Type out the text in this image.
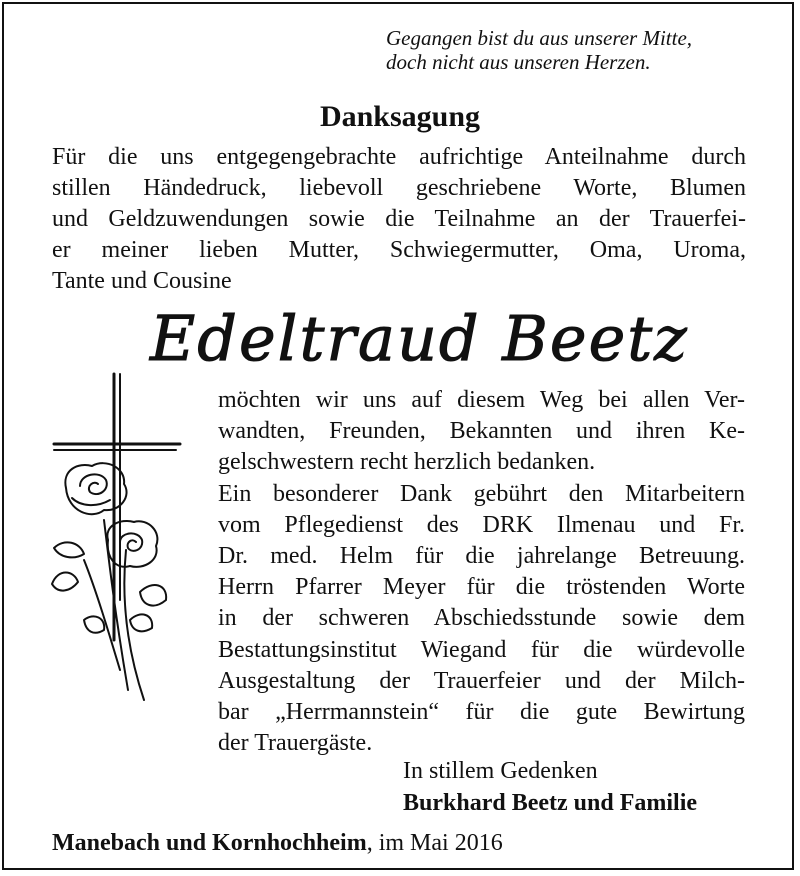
Gegangen bist du aus unserer Mitte,
doch nicht aus unseren Herzen.
Danksagung
Für die uns entgegengebrachte aufrichtige Anteilnahme durch
stillen Händedruck, liebevoll geschriebene Worte, Blumen
und Geldzuwendungen sowie die Teilnahme an der Trauerfei-
er meiner lieben Mutter, Schwiegermutter, Oma, Uroma,
Tante und Cousine
Edeltraud Beetz
möchten wir uns auf diesem Weg bei allen Ver-
wandten, Freunden, Bekannten und ihren Ke-
gelschwestern recht herzlich bedanken.
Ein besonderer Dank gebührt den Mitarbeitern
vom Pflegedienst des DRK Ilmenau und Fr.
Dr. med. Helm für die jahrelange Betreuung.
Herrn Pfarrer Meyer für die tröstenden Worte
in der schweren Abschiedsstunde sowie dem
Bestattungsinstitut Wiegand für die würdevolle
Ausgestaltung der Trauerfeier und der Milch-
bar „Herrmannstein“ für die gute Bewirtung
der Trauergäste.
In stillem Gedenken
Burkhard Beetz und Familie
Manebach und Kornhochheim, im Mai 2016
